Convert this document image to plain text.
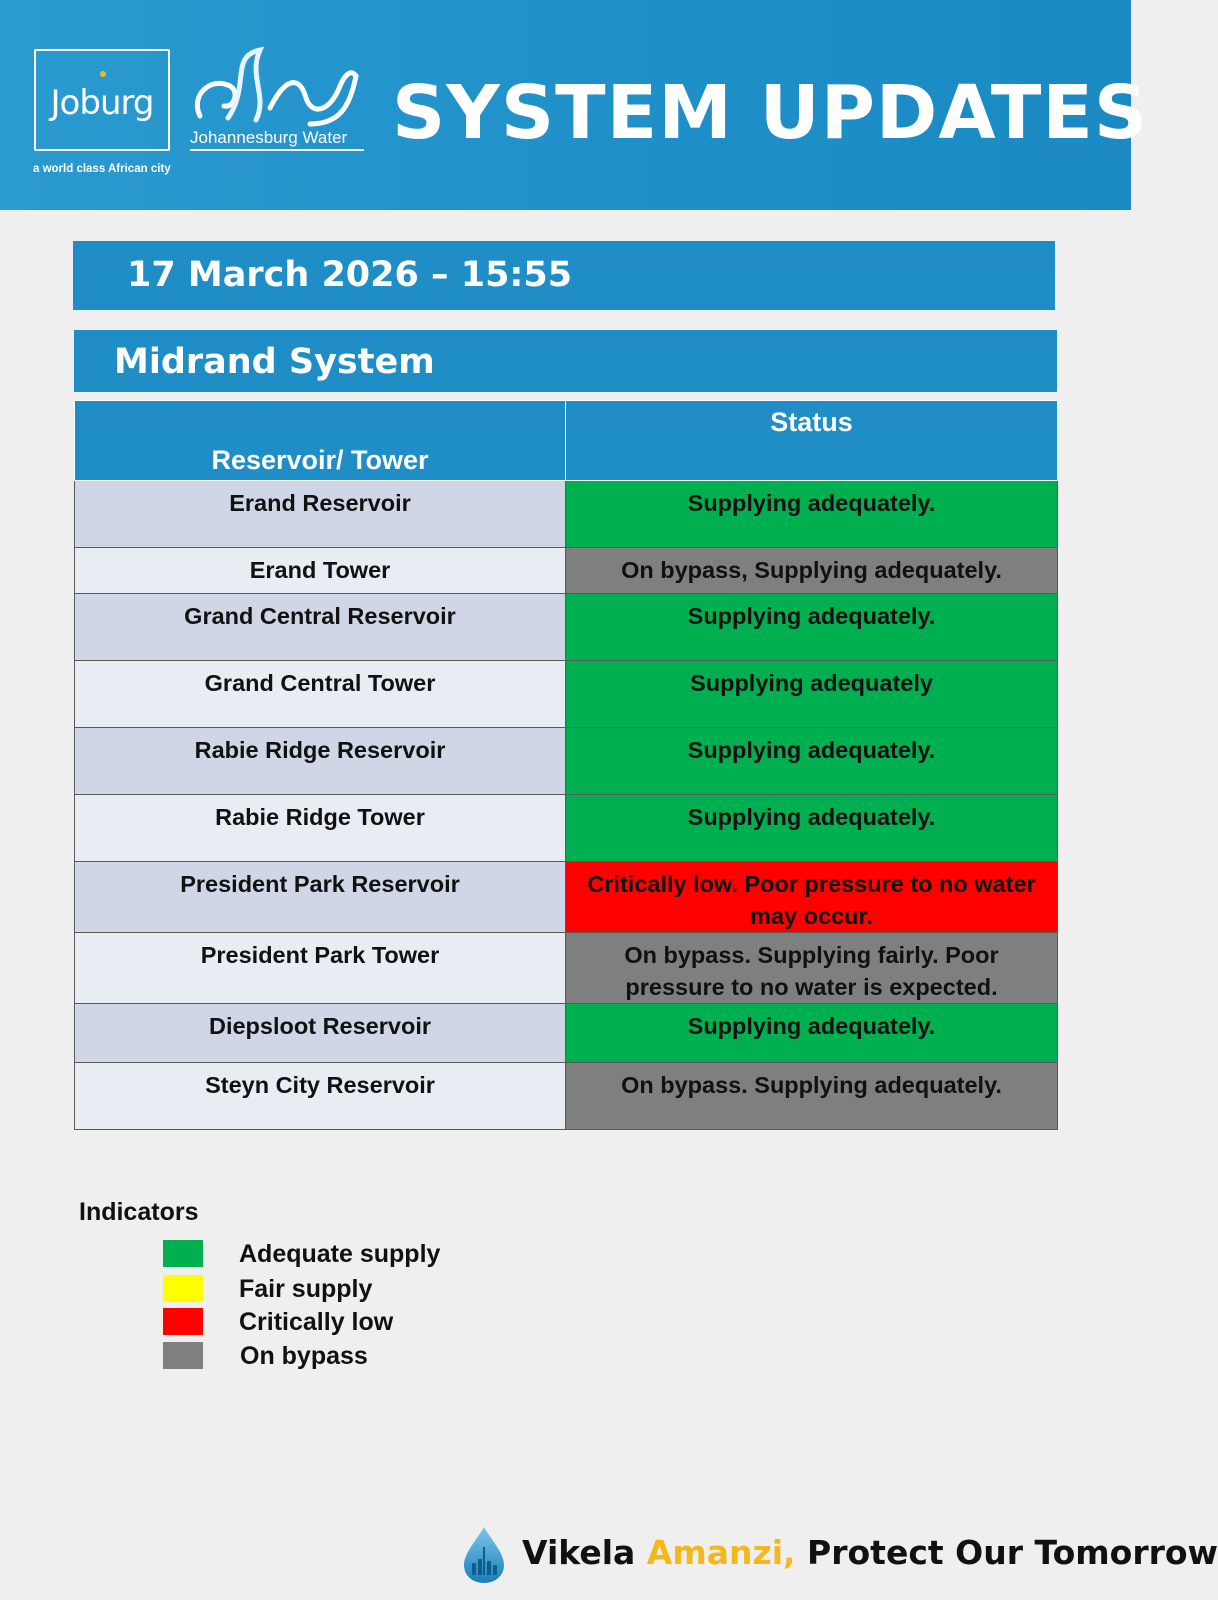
Joburg
a world class African city
Johannesburg Water SYSTEM UPDATES
17 March 2026 – 15:55
Midrand System
Reservoir/ Tower	Status

Erand Reservoir	Supplying adequately.
Erand Tower	On bypass, Supplying adequately.
Grand Central Reservoir	Supplying adequately.
Grand Central Tower	Supplying adequately
Rabie Ridge Reservoir	Supplying adequately.
Rabie Ridge Tower	Supplying adequately.
President Park Reservoir	Critically low. Poor pressure to no water may occur.
President Park Tower	On bypass. Supplying fairly. Poor pressure to no water is expected.
Diepsloot Reservoir	Supplying adequately.
Steyn City Reservoir	On bypass. Supplying adequately.
Indicators
Adequate supply
Fair supply
Critically low
On bypass
Vikela Amanzi, Protect Our Tomorrow
